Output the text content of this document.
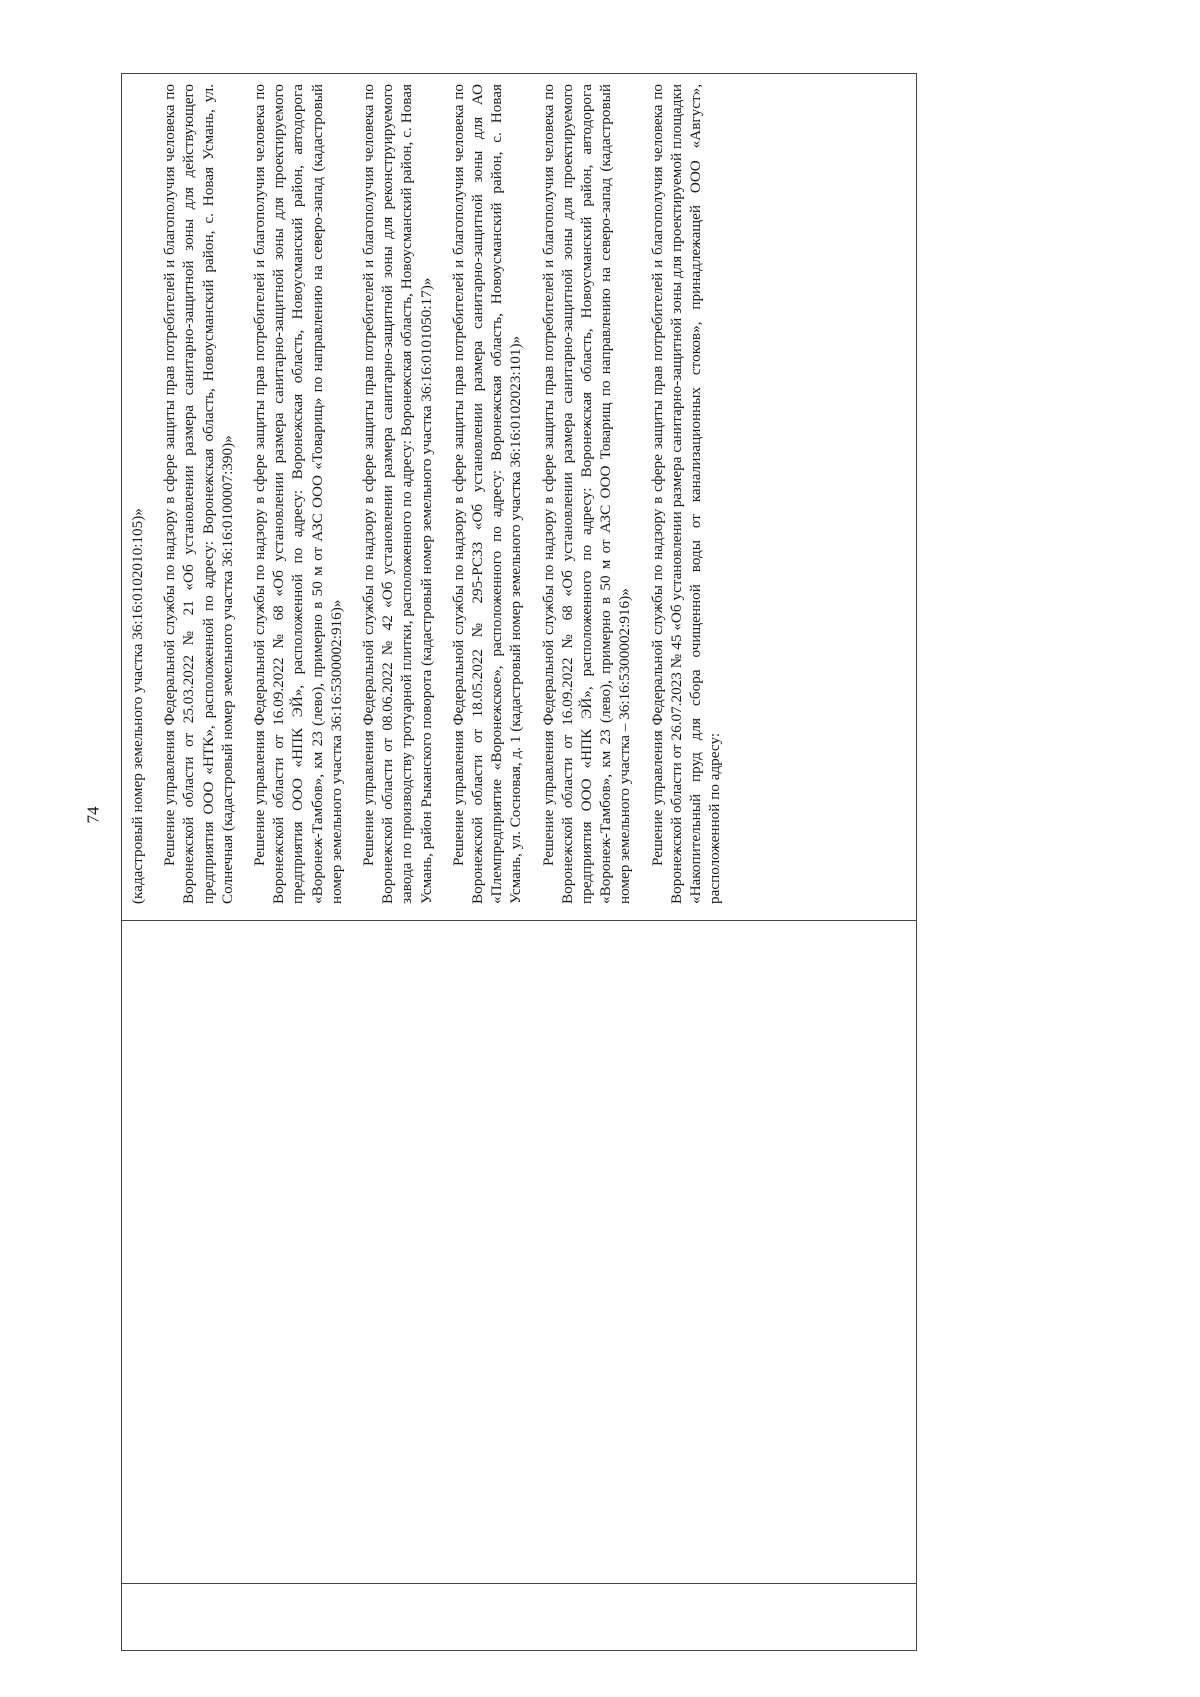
74
		(кадастровый номер земельного участка 36:16:0102010:105)» Решение управления Федеральной службы по надзору в сфере защиты прав потребителей и благополучия человека по Воронежской области от 25.03.2022 № 21 «Об установлении размера санитарно-защитной зоны для действующего предприятия ООО «НТК», расположенной по адресу: Воронежская область, Новоусманский район, с. Новая Усмань, ул. Солнечная (кадастровый номер земельного участка 36:16:0100007:390)» Решение управления Федеральной службы по надзору в сфере защиты прав потребителей и благополучия человека по Воронежской области от 16.09.2022 № 68 «Об установлении размера санитарно-защитной зоны для проектируемого предприятия ООО «НПК ЭЙ», расположенной по адресу: Воронежская область, Новоусманский район, автодорога «Воронеж-Тамбов», км 23 (лево), примерно в 50 м от АЗС ООО «Товарищ» по направлению на северо-запад (кадастровый номер земельного участка 36:16:5300002:916)» Решение управления Федеральной службы по надзору в сфере защиты прав потребителей и благополучия человека по Воронежской области от 08.06.2022 № 42 «Об установлении размера санитарно-защитной зоны для реконструируемого завода по производству тротуарной плитки, расположенного по адресу: Воронежская область, Новоусманский район, с. Новая Усмань, район Рыканского поворота (кадастровый номер земельного участка 36:16:0101050:17)» Решение управления Федеральной службы по надзору в сфере защиты прав потребителей и благополучия человека по Воронежской области от 18.05.2022 № 295-РСЗЗ «Об установлении размера санитарно-защитной зоны для АО «Племпредприятие «Воронежское», расположенного по адресу: Воронежская область, Новоусманский район, с. Новая Усмань, ул. Сосновая, д. 1 (кадастровый номер земельного участка 36:16:0102023:101)» Решение управления Федеральной службы по надзору в сфере защиты прав потребителей и благополучия человека по Воронежской области от 16.09.2022 № 68 «Об установлении размера санитарно-защитной зоны для проектируемого предприятия ООО «НПК ЭЙ», расположенного по адресу: Воронежская область, Новоусманский район, автодорога «Воронеж-Тамбов», км 23 (лево), примерно в 50 м от АЗС ООО Товарищ по направлению на северо-запад (кадастровый номер земельного участка – 36:16:5300002:916)» Решение управления Федеральной службы по надзору в сфере защиты прав потребителей и благополучия человека по Воронежской области от 26.07.2023 № 45 «Об установлении размера санитарно-защитной зоны для проектируемой площадки «Накопительный пруд для сбора очищенной воды от канализационных стоков», принадлежащей ООО «Август», расположенной по адресу:
